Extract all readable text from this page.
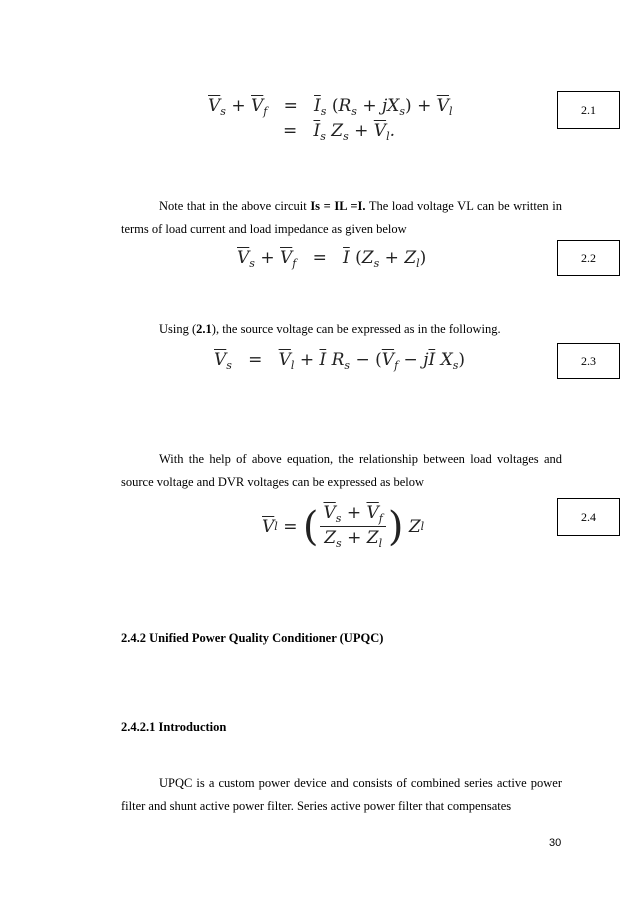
$\overline{V}_s + \overline{V}_f = \overline{I}_s$ $(R_s + jX_s) + \overline{V}_l$
=   $\overline{I}_s$ $Z_s + \overline{V}_l$.
2.1
Note that in the above circuit Is = IL =I. The load voltage VL can be written in terms of load current and load impedance as given below
$\overline{V}_s + \overline{V}_f = \overline{I}$ $(Z_s + Z_l)$	2.2
Using (2.1), the source voltage can be expressed as in the following.
$\overline{V}_s = \overline{V}_l + \overline{I}$ $R_s - (\overline{V}_f - j\overline{I}$ $X_s$)	2.3
With the help of above equation, the relationship between load voltages and source voltage and DVR voltages can be expressed as below
$\overline{V}$ l = ( $\frac{\overline{V}_s + \overline{V}_f}{Z_s + Z_l}$ ) Z l
2.4
2.4.2 Unified Power Quality Conditioner (UPQC)
2.4.2.1 Introduction
UPQC is a custom power device and consists of combined series active power filter and shunt active power filter. Series active power filter that compensates
30
